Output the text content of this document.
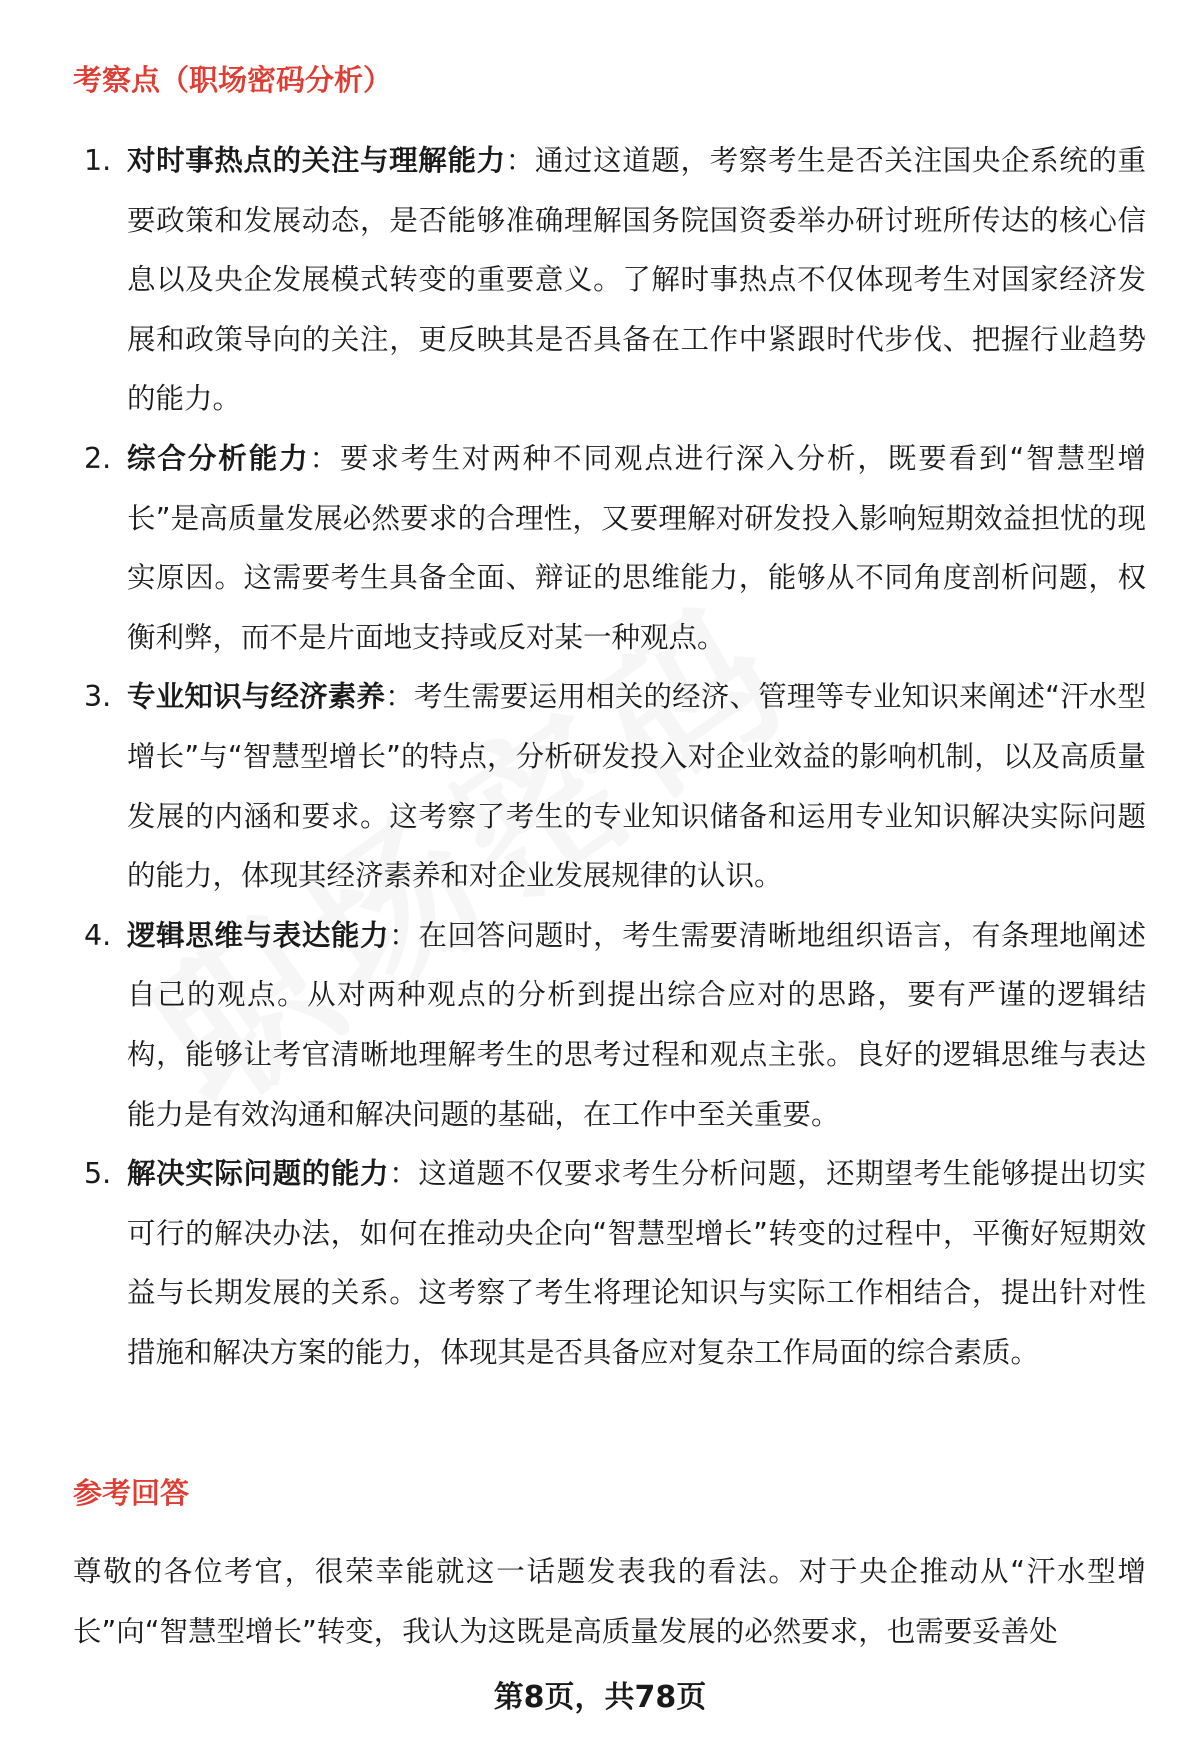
考察点（职场密码分析）
1. 对时事热点的关注与理解能力：通过这道题，考察考生是否关注国央企系统的重要政策和发展动态，是否能够准确理解国务院国资委举办研讨班所传达的核心信息以及央企发展模式转变的重要意义。了解时事热点不仅体现考生对国家经济发展和政策导向的关注，更反映其是否具备在工作中紧跟时代步伐、把握行业趋势的能力。
2. 综合分析能力：要求考生对两种不同观点进行深入分析，既要看到“智慧型增长”是高质量发展必然要求的合理性，又要理解对研发投入影响短期效益担忧的现实原因。这需要考生具备全面、辩证的思维能力，能够从不同角度剖析问题，权衡利弊，而不是片面地支持或反对某一种观点。
3. 专业知识与经济素养：考生需要运用相关的经济、管理等专业知识来阐述“汗水型增长”与“智慧型增长”的特点，分析研发投入对企业效益的影响机制，以及高质量发展的内涵和要求。这考察了考生的专业知识储备和运用专业知识解决实际问题的能力，体现其经济素养和对企业发展规律的认识。
4. 逻辑思维与表达能力：在回答问题时，考生需要清晰地组织语言，有条理地阐述自己的观点。从对两种观点的分析到提出综合应对的思路，要有严谨的逻辑结构，能够让考官清晰地理解考生的思考过程和观点主张。良好的逻辑思维与表达能力是有效沟通和解决问题的基础，在工作中至关重要。
5. 解决实际问题的能力：这道题不仅要求考生分析问题，还期望考生能够提出切实可行的解决办法，如何在推动央企向“智慧型增长”转变的过程中，平衡好短期效益与长期发展的关系。这考察了考生将理论知识与实际工作相结合，提出针对性措施和解决方案的能力，体现其是否具备应对复杂工作局面的综合素质。
参考回答

尊敬的各位考官，很荣幸能就这一话题发表我的看法。对于央企推动从“汗水型增长”向“智慧型增长”转变，我认为这既是高质量发展的必然要求，也需要妥善处

第8页，共78页
